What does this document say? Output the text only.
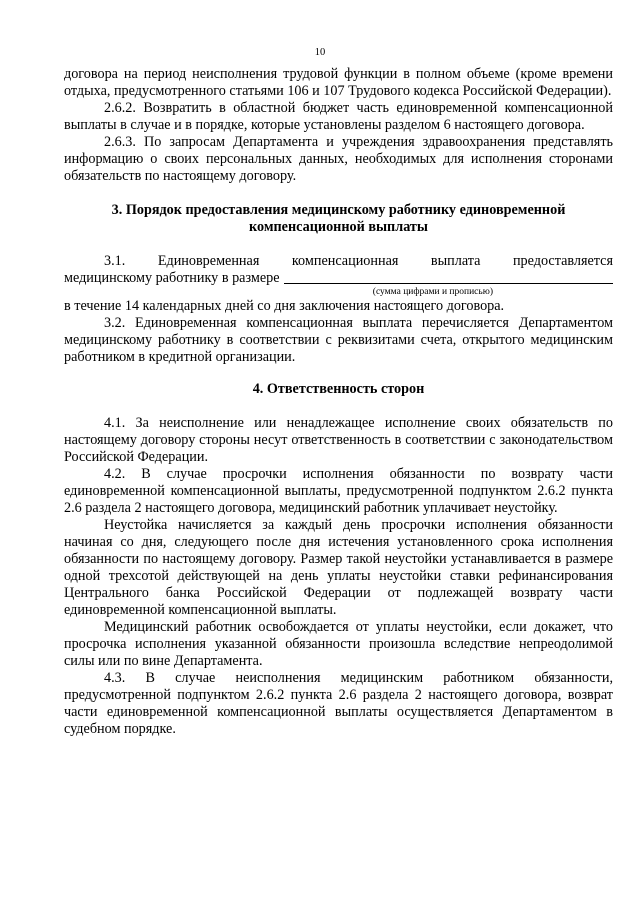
10

договора на период неисполнения трудовой функции в полном объеме (кроме времени отдыха, предусмотренного статьями 106 и 107 Трудового кодекса Российской Федерации).

2.6.2. Возвратить в областной бюджет часть единовременной компенсационной выплаты в случае и в порядке, которые установлены разделом 6 настоящего договора.

2.6.3. По запросам Департамента и учреждения здравоохранения представлять информацию о своих персональных данных, необходимых для исполнения сторонами обязательств по настоящему договору.

3. Порядок предоставления медицинскому работнику единовременной компенсационной выплаты

3.1. Единовременная компенсационная выплата предоставляется

медицинскому работнику в размере
(сумма цифрами и прописью)

в течение 14 календарных дней со дня заключения настоящего договора.

3.2. Единовременная компенсационная выплата перечисляется Департаментом медицинскому работнику в соответствии с реквизитами счета, открытого медицинским работником в кредитной организации.

4. Ответственность сторон

4.1. За неисполнение или ненадлежащее исполнение своих обязательств по настоящему договору стороны несут ответственность в соответствии с законодательством Российской Федерации.

4.2. В случае просрочки исполнения обязанности по возврату части единовременной компенсационной выплаты, предусмотренной подпунктом 2.6.2 пункта 2.6 раздела 2 настоящего договора, медицинский работник уплачивает неустойку.

Неустойка начисляется за каждый день просрочки исполнения обязанности начиная со дня, следующего после дня истечения установленного срока исполнения обязанности по настоящему договору. Размер такой неустойки устанавливается в размере одной трехсотой действующей на день уплаты неустойки ставки рефинансирования Центрального банка Российской Федерации от подлежащей возврату части единовременной компенсационной выплаты.

Медицинский работник освобождается от уплаты неустойки, если докажет, что просрочка исполнения указанной обязанности произошла вследствие непреодолимой силы или по вине Департамента.

4.3. В случае неисполнения медицинским работником обязанности, предусмотренной подпунктом 2.6.2 пункта 2.6 раздела 2 настоящего договора, возврат части единовременной компенсационной выплаты осуществляется Департаментом в судебном порядке.
